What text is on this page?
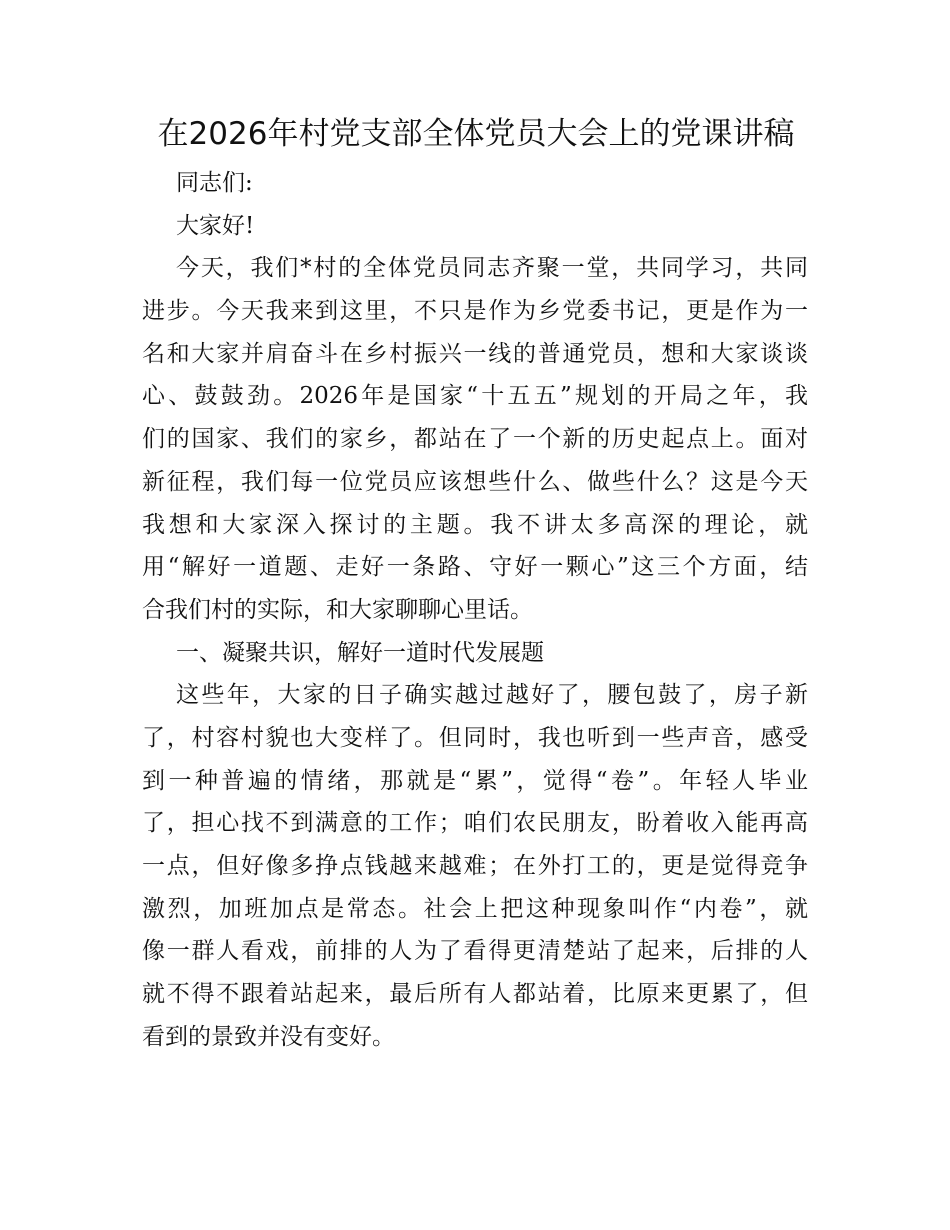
在2026年村党支部全体党员大会上的党课讲稿
同志们:
大家好!
今天，我们*村的全体党员同志齐聚一堂，共同学习，共同
进步。今天我来到这里，不只是作为乡党委书记，更是作为一
名和大家并肩奋斗在乡村振兴一线的普通党员，想和大家谈谈
心、鼓鼓劲。2026年是国家“十五五”规划的开局之年，我
们的国家、我们的家乡，都站在了一个新的历史起点上。面对
新征程，我们每一位党员应该想些什么、做些什么？这是今天
我想和大家深入探讨的主题。我不讲太多高深的理论，就
用“解好一道题、走好一条路、守好一颗心”这三个方面，结
合我们村的实际，和大家聊聊心里话。
一、凝聚共识，解好一道时代发展题
这些年，大家的日子确实越过越好了，腰包鼓了，房子新
了，村容村貌也大变样了。但同时，我也听到一些声音，感受
到一种普遍的情绪，那就是“累”，觉得“卷”。年轻人毕业
了，担心找不到满意的工作；咱们农民朋友，盼着收入能再高
一点，但好像多挣点钱越来越难；在外打工的，更是觉得竞争
激烈，加班加点是常态。社会上把这种现象叫作“内卷”，就
像一群人看戏，前排的人为了看得更清楚站了起来，后排的人
就不得不跟着站起来，最后所有人都站着，比原来更累了，但
看到的景致并没有变好。
